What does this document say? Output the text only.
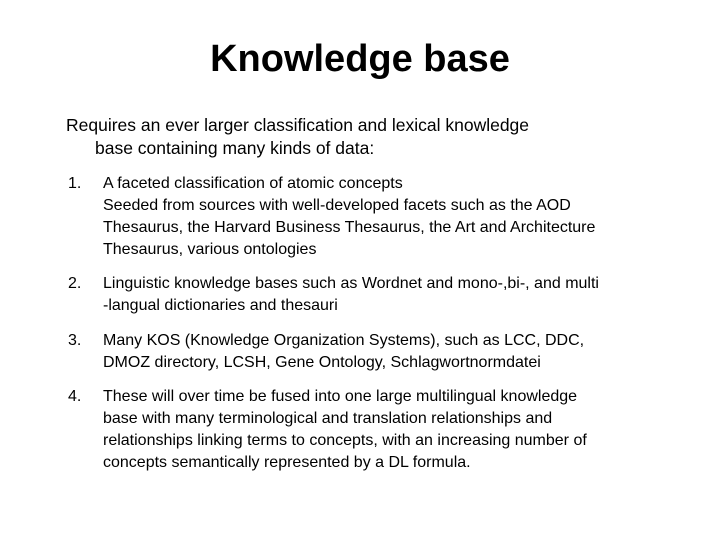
Knowledge base

Requires an ever larger classification and lexical knowledge
base containing many kinds of data:

1. A faceted classification of atomic concepts
Seeded from sources with well-developed facets such as the AOD
Thesaurus, the Harvard Business Thesaurus, the Art and Architecture
Thesaurus, various ontologies
2. Linguistic knowledge bases such as Wordnet and mono-,bi-, and multi
-langual dictionaries and thesauri
3. Many KOS (Knowledge Organization Systems), such as LCC, DDC,
DMOZ directory, LCSH, Gene Ontology, Schlagwortnormdatei
4. These will over time be fused into one large multilingual knowledge
base with many terminological and translation relationships and
relationships linking terms to concepts, with an increasing number of
concepts semantically represented by a DL formula.
